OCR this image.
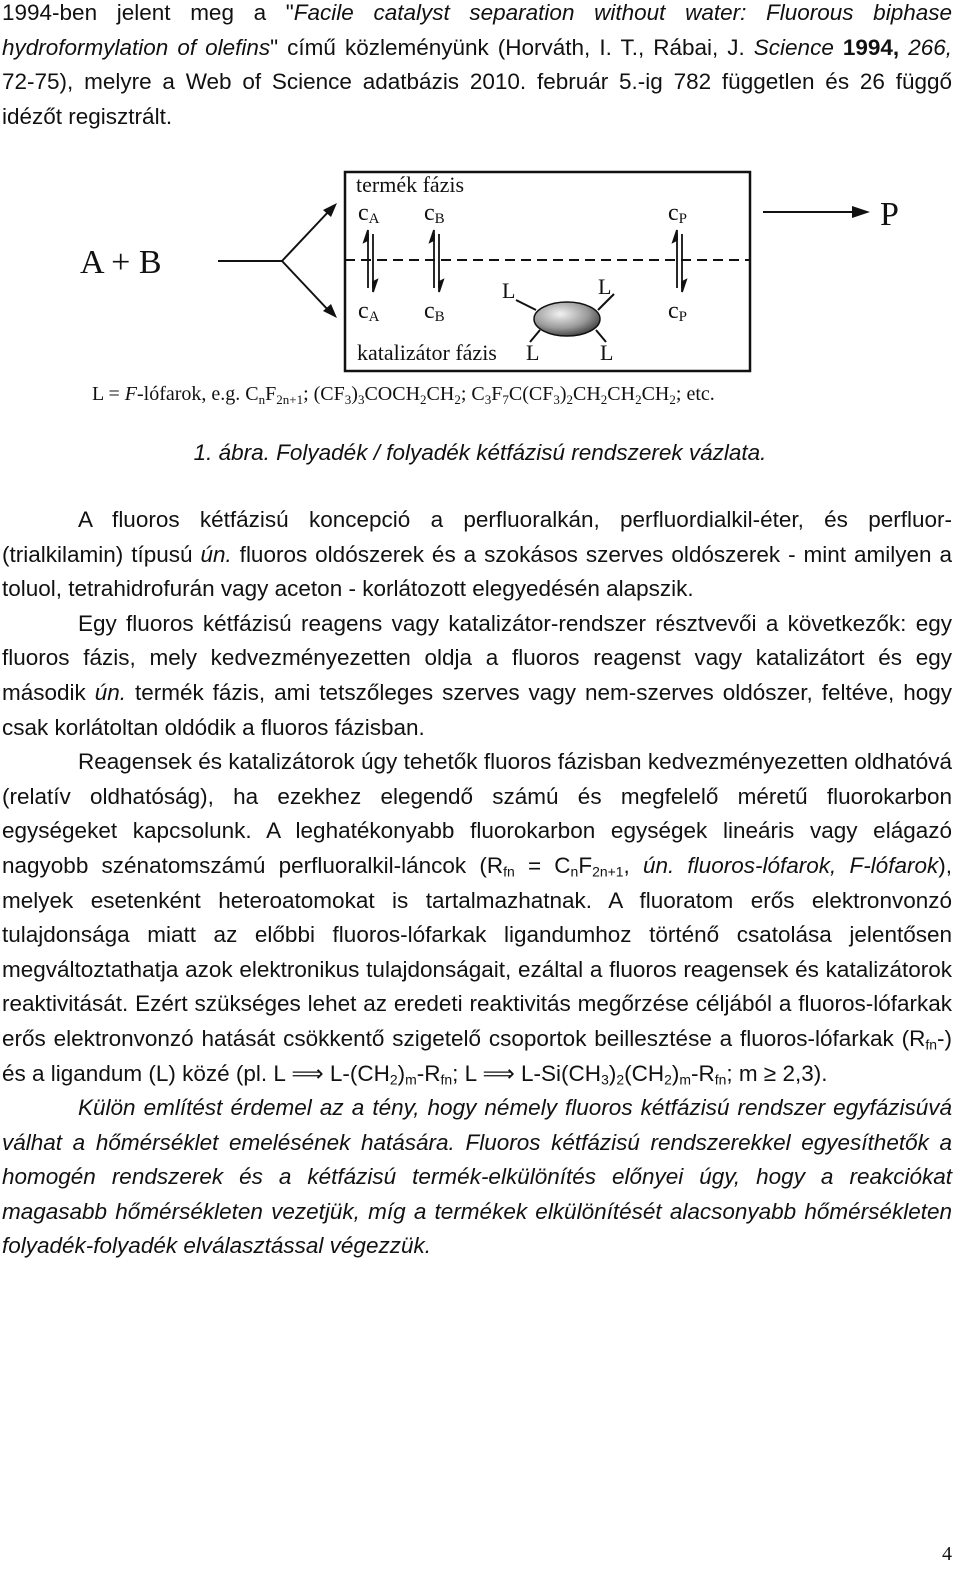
1994-ben jelent meg a "Facile catalyst separation without water: Fluorous biphase hydroformylation of olefins" című közleményünk (Horváth, I. T., Rábai, J. Science 1994, 266, 72-75), melyre a Web of Science adatbázis 2010. február 5.-ig 782 független és 26 függő idézőt regisztrált.

A + B
termék fázis
katalizátor fázis
cA cB	cP
cA cB	cP
L	L
L	L
P
L = F-lófarok, e.g. $C_nF_{2n+1}$; $(CF_3)_3COCH_2CH_2$; $C_3F_7C(CF_3)_2CH_2CH_2CH_2$; etc.
1. ábra. Folyadék / folyadék kétfázisú rendszerek vázlata.

A fluoros kétfázisú koncepció a perfluoralkán, perfluordialkil-éter, és perfluor-(trialkilamin) típusú ún. fluoros oldószerek és a szokásos szerves oldószerek - mint amilyen a toluol, tetrahidrofurán vagy aceton - korlátozott elegyedésén alapszik.

Egy fluoros kétfázisú reagens vagy katalizátor-rendszer résztvevői a következők: egy fluoros fázis, mely kedvezményezetten oldja a fluoros reagenst vagy katalizátort és egy második ún. termék fázis, ami tetszőleges szerves vagy nem-szerves oldószer, feltéve, hogy csak korlátoltan oldódik a fluoros fázisban.

Reagensek és katalizátorok úgy tehetők fluoros fázisban kedvezményezetten oldhatóvá (relatív oldhatóság), ha ezekhez elegendő számú és megfelelő méretű fluorokarbon egységeket kapcsolunk. A leghatékonyabb fluorokarbon egységek lineáris vagy elágazó nagyobb szénatomszámú perfluoralkil-láncok ($R_{fn} = C_nF_{2n+1}$, ún. fluoros-lófarok, F-lófarok), melyek esetenként heteroatomokat is tartalmazhatnak. A fluoratom erős elektronvonzó tulajdonsága miatt az előbbi fluoros-lófarkak ligandumhoz történő csatolása jelentősen megváltoztathatja azok elektronikus tulajdonságait, ezáltal a fluoros reagensek és katalizátorok reaktivitását. Ezért szükséges lehet az eredeti reaktivitás megőrzése céljából a fluoros-lófarkak erős elektronvonzó hatását csökkentő szigetelő csoportok beillesztése a fluoros-lófarkak $(R_{fn}-)$ és a ligandum (L) közé (pl. L ⟹ $L-(CH_2)_m-R_{fn}$; L ⟹ $L-Si(CH_3)_2(CH_2)_m-R_{fn}$; m ≥ 2,3).

Külön említést érdemel az a tény, hogy némely fluoros kétfázisú rendszer egyfázisúvá válhat a hőmérséklet emelésének hatására. Fluoros kétfázisú rendszerekkel egyesíthetők a homogén rendszerek és a kétfázisú termék-elkülönítés előnyei úgy, hogy a reakciókat magasabb hőmérsékleten vezetjük, míg a termékek elkülönítését alacsonyabb hőmérsékleten folyadék-folyadék elválasztással végezzük.

4
